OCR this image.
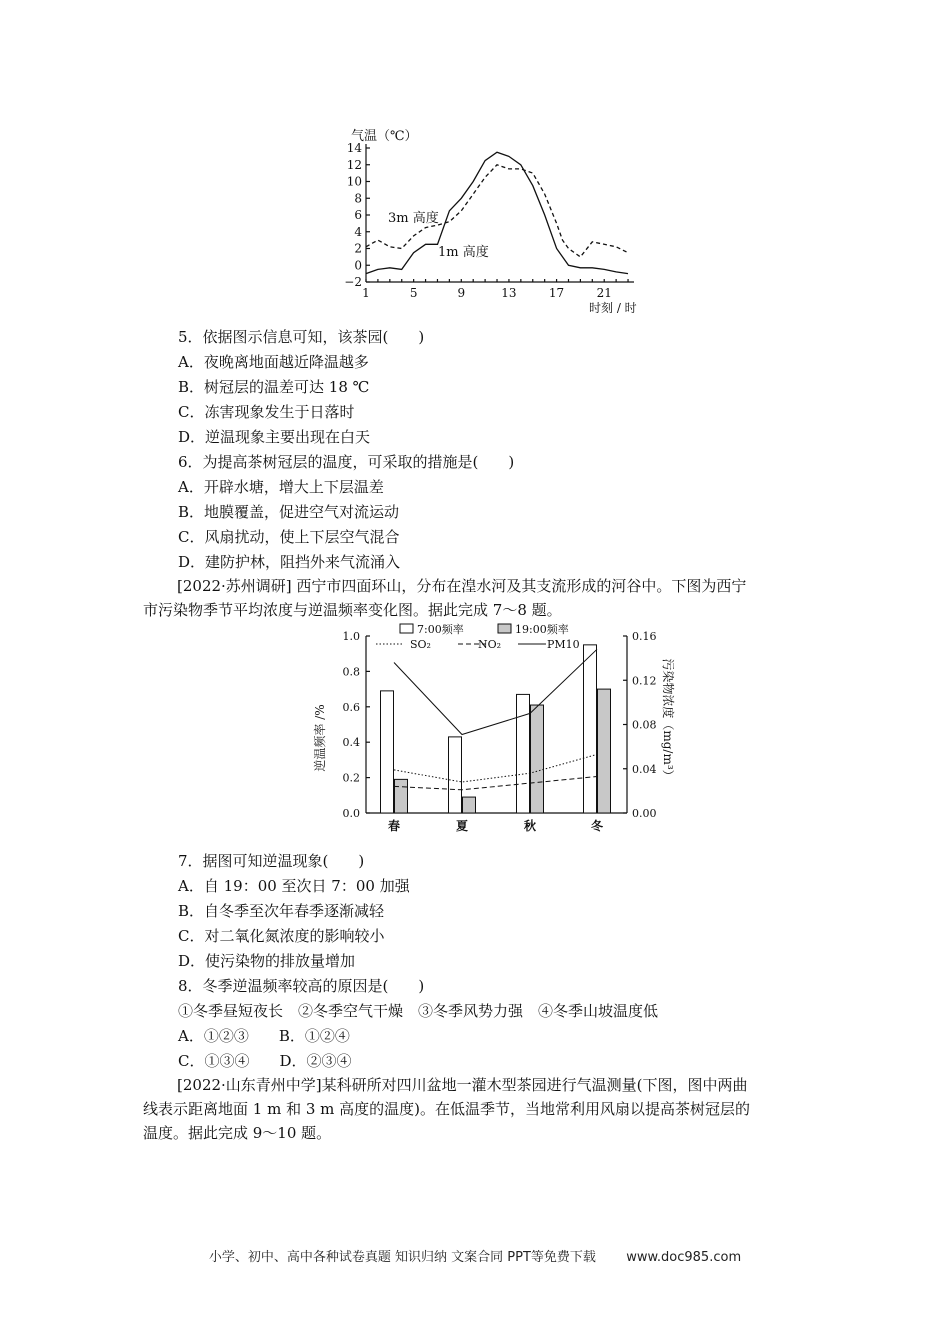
气温（℃）
14
12
10
8
6
4
2
0
−2
1	5	9	13	17	21
3m 高度
1m 高度
时刻 / 时
5．依据图示信息可知，该茶园(　　)
A．夜晚离地面越近降温越多
B．树冠层的温差可达 18 ℃
C．冻害现象发生于日落时
D．逆温现象主要出现在白天
6．为提高茶树冠层的温度，可采取的措施是(　　)
A．开辟水塘，增大上下层温差
B．地膜覆盖，促进空气对流运动
C．风扇扰动，使上下层空气混合
D．建防护林，阻挡外来气流涌入
[2022·苏州调研] 西宁市四面环山，分布在湟水河及其支流形成的河谷中。下图为西宁
市污染物季节平均浓度与逆温频率变化图。据此完成 7～8 题。
1.0
0.8
0.6
0.4
0.2
0.0
0.16
0.12
0.08
0.04
0.00
春	夏	秋	冬
7:00频率	19:00频率
SO₂	NO₂	PM10
逆温频率 /%	污染物浓度（mg/m³）
7．据图可知逆温现象(　　)
A．自 19：00 至次日 7：00 加强
B．自冬季至次年春季逐渐减轻
C．对二氧化氮浓度的影响较小
D．使污染物的排放量增加
8．冬季逆温频率较高的原因是(　　)
①冬季昼短夜长　②冬季空气干燥　③冬季风势力强　④冬季山坡温度低
A．①②③　　B．①②④
C．①③④　　D．②③④
[2022·山东青州中学]某科研所对四川盆地一灌木型茶园进行气温测量(下图，图中两曲
线表示距离地面 1 m 和 3 m 高度的温度)。在低温季节，当地常利用风扇以提高茶树冠层的
温度。据此完成 9～10 题。
小学、初中、高中各种试卷真题 知识归纳 文案合同 PPT等免费下载 www.doc985.com
